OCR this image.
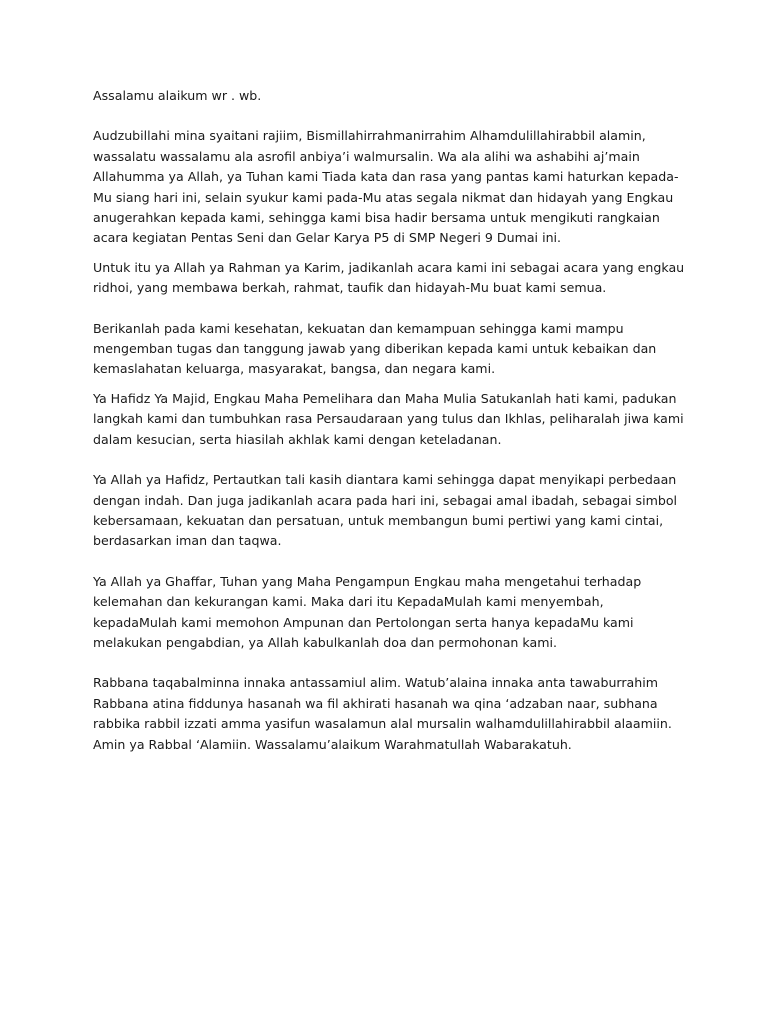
Assalamu alaikum wr . wb.

Audzubillahi mina syaitani rajiim, Bismillahirrahmanirrahim Alhamdulillahirabbil alamin,
wassalatu wassalamu ala asrofil anbiya’i walmursalin. Wa ala alihi wa ashabihi aj’main
Allahumma ya Allah, ya Tuhan kami Tiada kata dan rasa yang pantas kami haturkan kepada-
Mu siang hari ini, selain syukur kami pada-Mu atas segala nikmat dan hidayah yang Engkau
anugerahkan kepada kami, sehingga kami bisa hadir bersama untuk mengikuti rangkaian
acara kegiatan Pentas Seni dan Gelar Karya P5 di SMP Negeri 9 Dumai ini.

Untuk itu ya Allah ya Rahman ya Karim, jadikanlah acara kami ini sebagai acara yang engkau
ridhoi, yang membawa berkah, rahmat, taufik dan hidayah-Mu buat kami semua.

Berikanlah pada kami kesehatan, kekuatan dan kemampuan sehingga kami mampu
mengemban tugas dan tanggung jawab yang diberikan kepada kami untuk kebaikan dan
kemaslahatan keluarga, masyarakat, bangsa, dan negara kami.

Ya Hafidz Ya Majid, Engkau Maha Pemelihara dan Maha Mulia Satukanlah hati kami, padukan
langkah kami dan tumbuhkan rasa Persaudaraan yang tulus dan Ikhlas, peliharalah jiwa kami
dalam kesucian, serta hiasilah akhlak kami dengan keteladanan.

Ya Allah ya Hafidz, Pertautkan tali kasih diantara kami sehingga dapat menyikapi perbedaan
dengan indah. Dan juga jadikanlah acara pada hari ini, sebagai amal ibadah, sebagai simbol
kebersamaan, kekuatan dan persatuan, untuk membangun bumi pertiwi yang kami cintai,
berdasarkan iman dan taqwa.

Ya Allah ya Ghaffar, Tuhan yang Maha Pengampun Engkau maha mengetahui terhadap
kelemahan dan kekurangan kami. Maka dari itu KepadaMulah kami menyembah,
kepadaMulah kami memohon Ampunan dan Pertolongan serta hanya kepadaMu kami
melakukan pengabdian, ya Allah kabulkanlah doa dan permohonan kami.

Rabbana taqabalminna innaka antassamiul alim. Watub’alaina innaka anta tawaburrahim
Rabbana atina fiddunya hasanah wa fil akhirati hasanah wa qina ‘adzaban naar, subhana
rabbika rabbil izzati amma yasifun wasalamun alal mursalin walhamdulillahirabbil alaamiin.
Amin ya Rabbal ‘Alamiin. Wassalamu’alaikum Warahmatullah Wabarakatuh.
